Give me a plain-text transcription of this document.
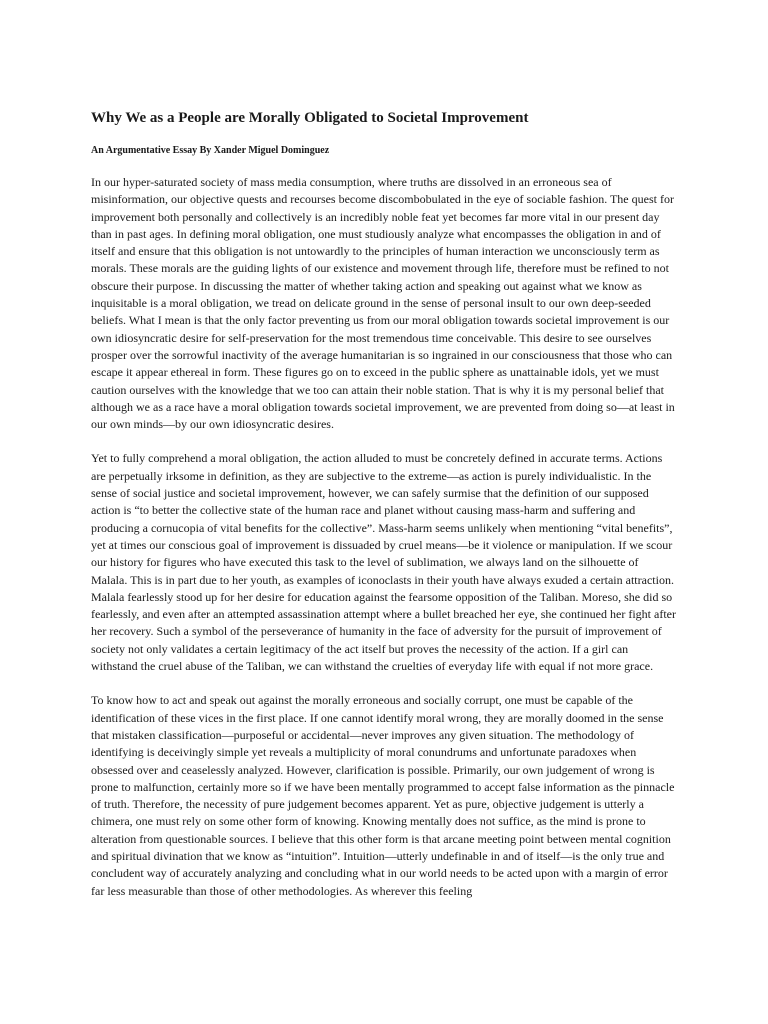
Why We as a People are Morally Obligated to Societal Improvement

An Argumentative Essay By Xander Miguel Dominguez

In our hyper-saturated society of mass media consumption, where truths are dissolved in an erroneous sea of misinformation, our objective quests and recourses become discombobulated in the eye of sociable fashion. The quest for improvement both personally and collectively is an incredibly noble feat yet becomes far more vital in our present day than in past ages. In defining moral obligation, one must studiously analyze what encompasses the obligation in and of itself and ensure that this obligation is not untowardly to the principles of human interaction we unconsciously term as morals. These morals are the guiding lights of our existence and movement through life, therefore must be refined to not obscure their purpose. In discussing the matter of whether taking action and speaking out against what we know as inquisitable is a moral obligation, we tread on delicate ground in the sense of personal insult to our own deep-seeded beliefs. What I mean is that the only factor preventing us from our moral obligation towards societal improvement is our own idiosyncratic desire for self-preservation for the most tremendous time conceivable. This desire to see ourselves prosper over the sorrowful inactivity of the average humanitarian is so ingrained in our consciousness that those who can escape it appear ethereal in form. These figures go on to exceed in the public sphere as unattainable idols, yet we must caution ourselves with the knowledge that we too can attain their noble station. That is why it is my personal belief that although we as a race have a moral obligation towards societal improvement, we are prevented from doing so—at least in our own minds—by our own idiosyncratic desires.

Yet to fully comprehend a moral obligation, the action alluded to must be concretely defined in accurate terms. Actions are perpetually irksome in definition, as they are subjective to the extreme—as action is purely individualistic. In the sense of social justice and societal improvement, however, we can safely surmise that the definition of our supposed action is “to better the collective state of the human race and planet without causing mass-harm and suffering and producing a cornucopia of vital benefits for the collective”. Mass-harm seems unlikely when mentioning “vital benefits”, yet at times our conscious goal of improvement is dissuaded by cruel means—be it violence or manipulation. If we scour our history for figures who have executed this task to the level of sublimation, we always land on the silhouette of Malala. This is in part due to her youth, as examples of iconoclasts in their youth have always exuded a certain attraction. Malala fearlessly stood up for her desire for education against the fearsome opposition of the Taliban. Moreso, she did so fearlessly, and even after an attempted assassination attempt where a bullet breached her eye, she continued her fight after her recovery. Such a symbol of the perseverance of humanity in the face of adversity for the pursuit of improvement of society not only validates a certain legitimacy of the act itself but proves the necessity of the action. If a girl can withstand the cruel abuse of the Taliban, we can withstand the cruelties of everyday life with equal if not more grace.

To know how to act and speak out against the morally erroneous and socially corrupt, one must be capable of the identification of these vices in the first place. If one cannot identify moral wrong, they are morally doomed in the sense that mistaken classification—purposeful or accidental—never improves any given situation. The methodology of identifying is deceivingly simple yet reveals a multiplicity of moral conundrums and unfortunate paradoxes when obsessed over and ceaselessly analyzed. However, clarification is possible. Primarily, our own judgement of wrong is prone to malfunction, certainly more so if we have been mentally programmed to accept false information as the pinnacle of truth. Therefore, the necessity of pure judgement becomes apparent. Yet as pure, objective judgement is utterly a chimera, one must rely on some other form of knowing. Knowing mentally does not suffice, as the mind is prone to alteration from questionable sources. I believe that this other form is that arcane meeting point between mental cognition and spiritual divination that we know as “intuition”. Intuition—utterly undefinable in and of itself—is the only true and concludent way of accurately analyzing and concluding what in our world needs to be acted upon with a margin of error far less measurable than those of other methodologies. As wherever this feeling
